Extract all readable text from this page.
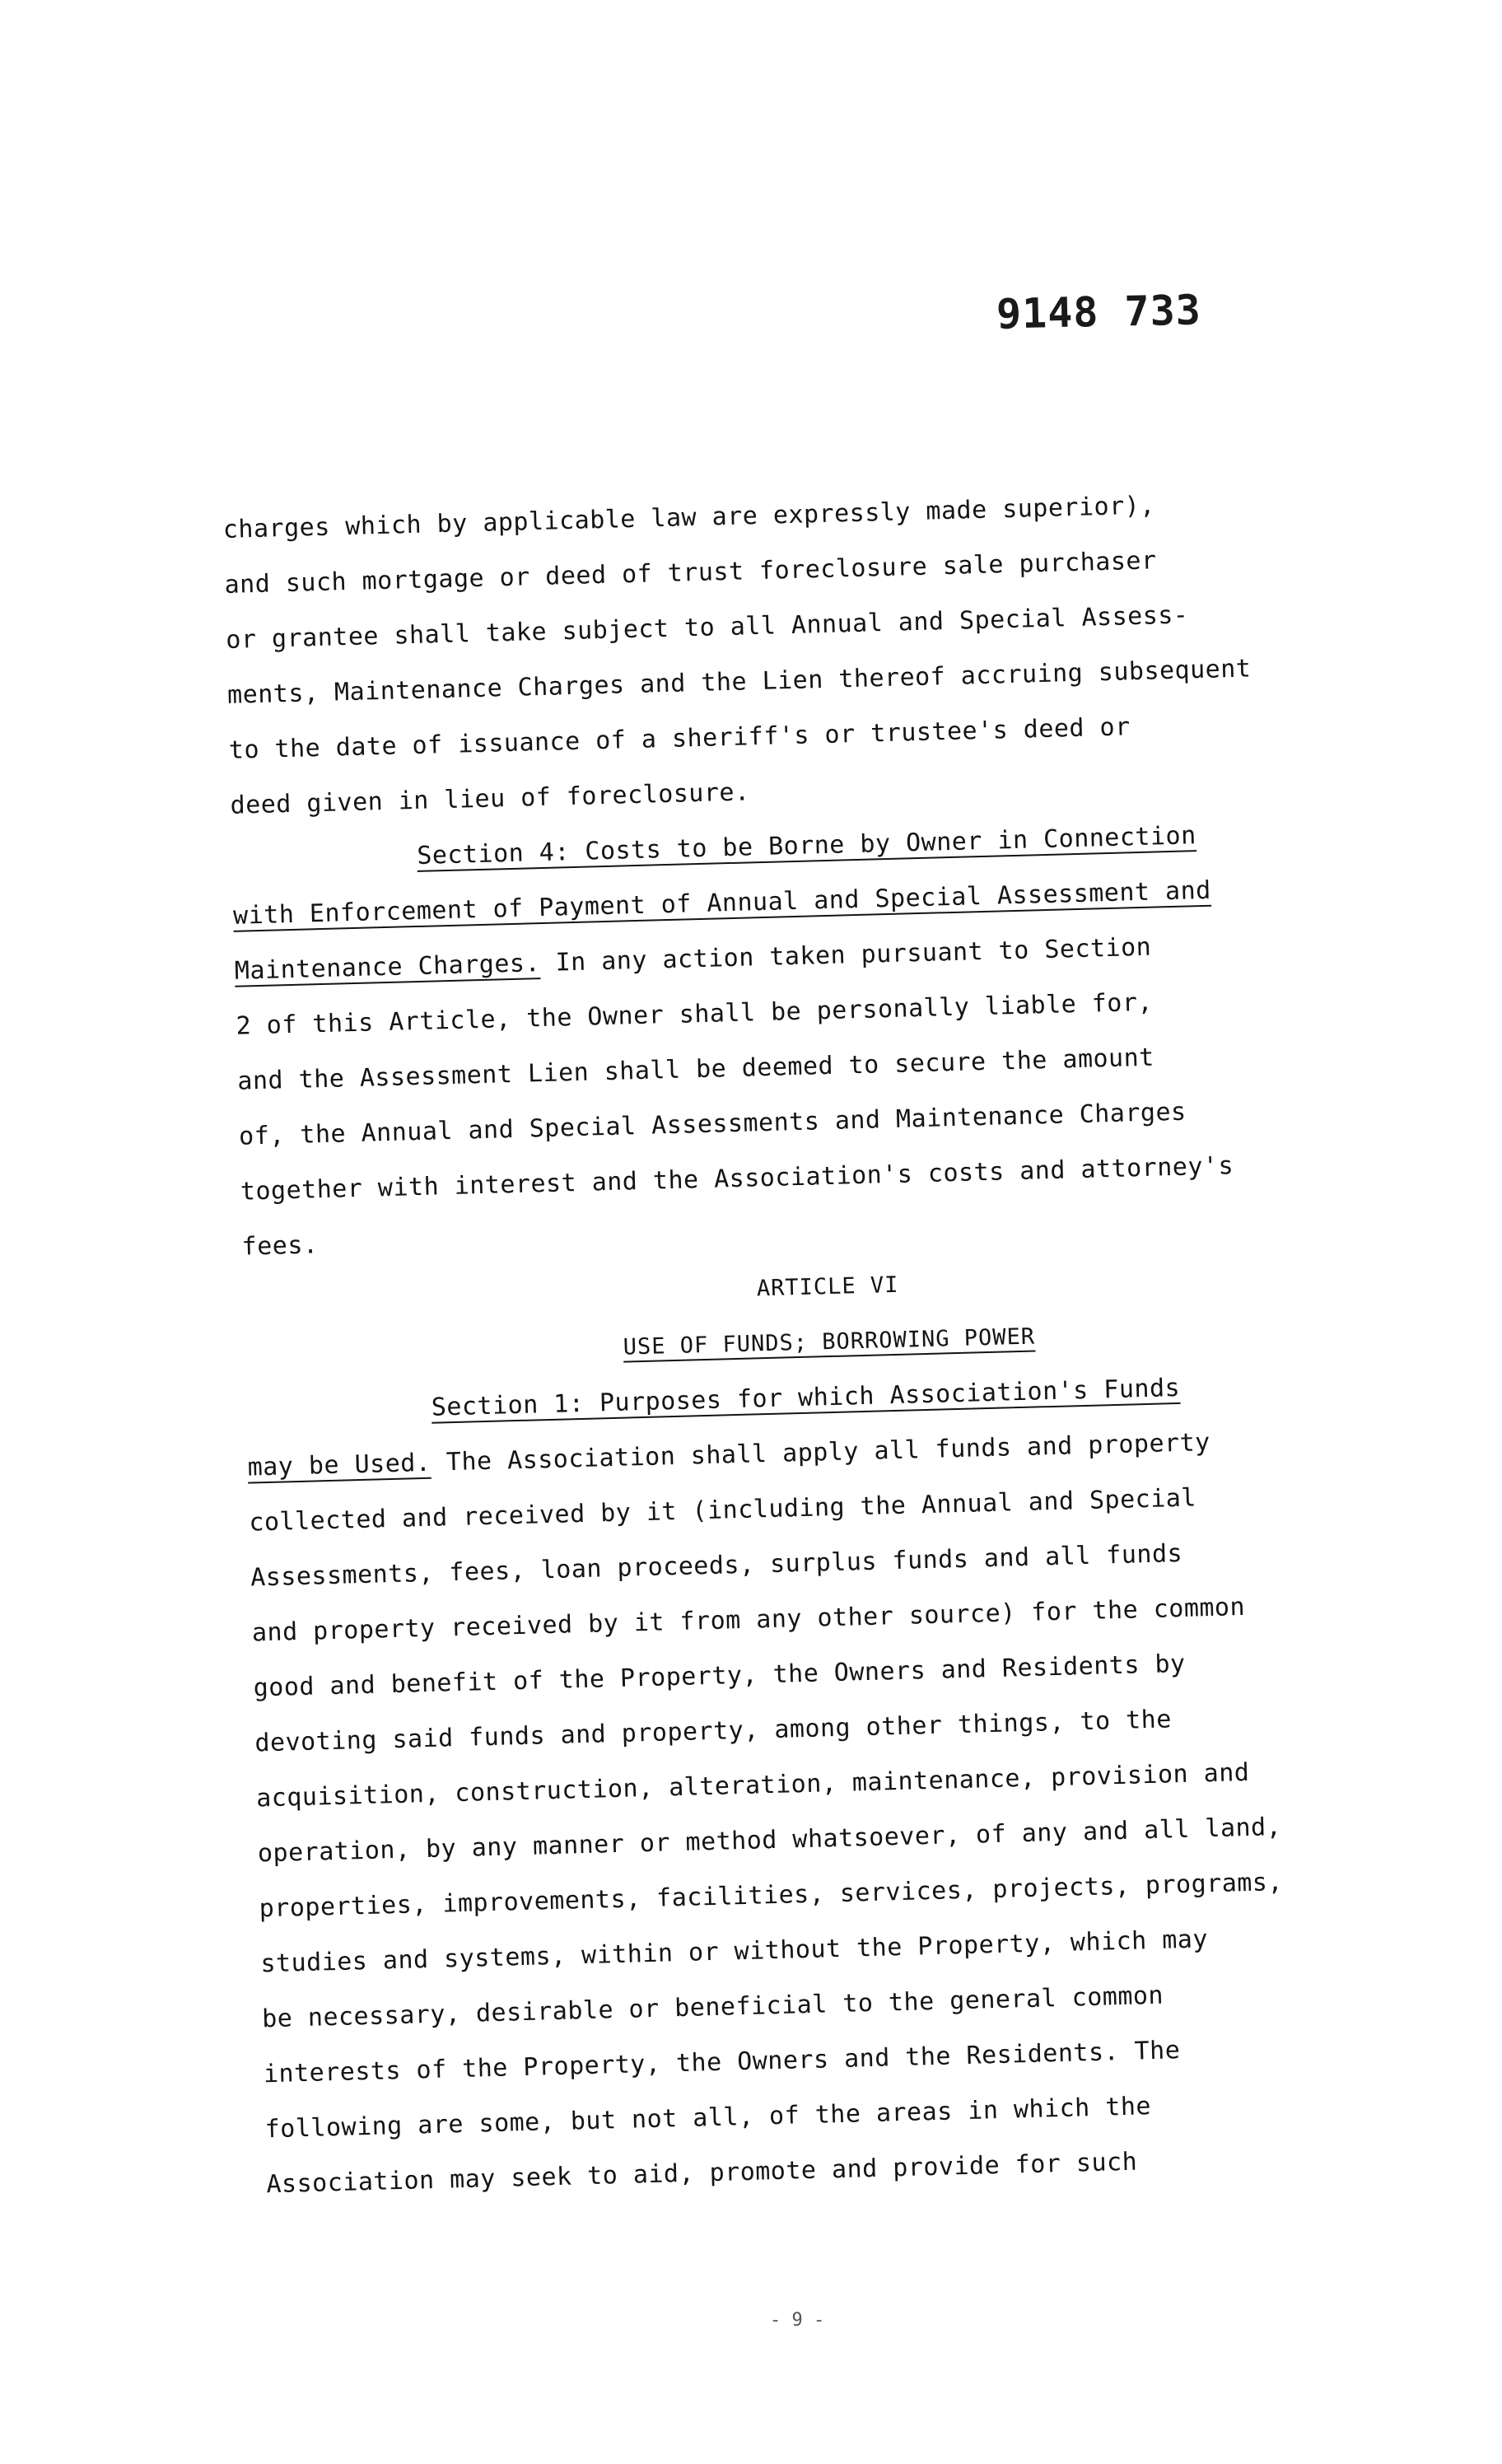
9148 733
charges which by applicable law are expressly made superior),
and such mortgage or deed of trust foreclosure sale purchaser
or grantee shall take subject to all Annual and Special Assess-
ments, Maintenance Charges and the Lien thereof accruing subsequent
to the date of issuance of a sheriff's or trustee's deed or
deed given in lieu of foreclosure.
Section 4: Costs to be Borne by Owner in Connection
with Enforcement of Payment of Annual and Special Assessment and
Maintenance Charges. In any action taken pursuant to Section
2 of this Article, the Owner shall be personally liable for,
and the Assessment Lien shall be deemed to secure the amount
of, the Annual and Special Assessments and Maintenance Charges
together with interest and the Association's costs and attorney's
fees.
ARTICLE VI
USE OF FUNDS; BORROWING POWER
Section 1: Purposes for which Association's Funds
may be Used. The Association shall apply all funds and property
collected and received by it (including the Annual and Special
Assessments, fees, loan proceeds, surplus funds and all funds
and property received by it from any other source) for the common
good and benefit of the Property, the Owners and Residents by
devoting said funds and property, among other things, to the
acquisition, construction, alteration, maintenance, provision and
operation, by any manner or method whatsoever, of any and all land,
properties, improvements, facilities, services, projects, programs,
studies and systems, within or without the Property, which may
be necessary, desirable or beneficial to the general common
interests of the Property, the Owners and the Residents. The
following are some, but not all, of the areas in which the
Association may seek to aid, promote and provide for such
- 9 -
